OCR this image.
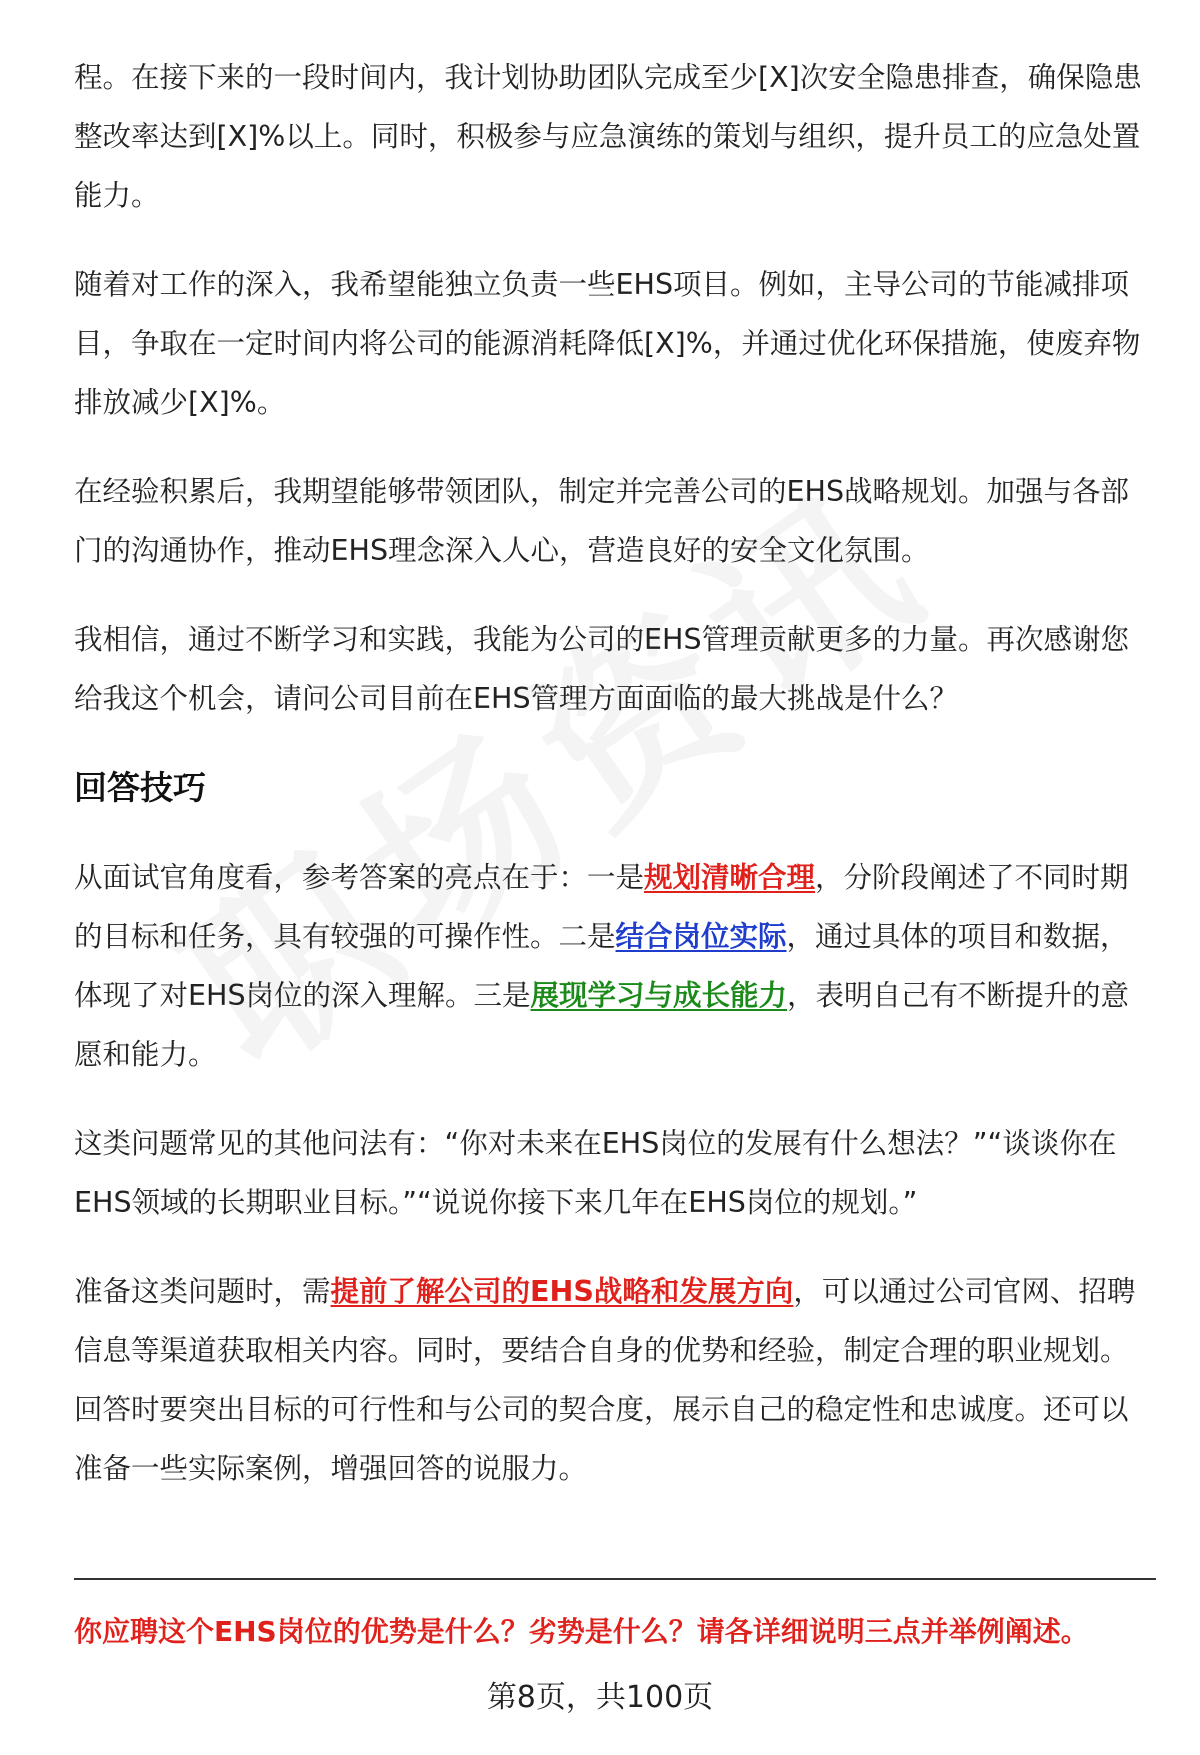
程。在接下来的一段时间内，我计划协助团队完成至少[X]次安全隐患排查，确保隐患整改率达到[X]%以上。同时，积极参与应急演练的策划与组织，提升员工的应急处置能力。

随着对工作的深入，我希望能独立负责一些EHS项目。例如，主导公司的节能减排项目，争取在一定时间内将公司的能源消耗降低[X]%，并通过优化环保措施，使废弃物排放减少[X]%。

在经验积累后，我期望能够带领团队，制定并完善公司的EHS战略规划。加强与各部门的沟通协作，推动EHS理念深入人心，营造良好的安全文化氛围。

我相信，通过不断学习和实践，我能为公司的EHS管理贡献更多的力量。再次感谢您给我这个机会，请问公司目前在EHS管理方面面临的最大挑战是什么？

回答技巧

从面试官角度看，参考答案的亮点在于：一是规划清晰合理，分阶段阐述了不同时期的目标和任务，具有较强的可操作性。二是结合岗位实际，通过具体的项目和数据，体现了对EHS岗位的深入理解。三是展现学习与成长能力，表明自己有不断提升的意愿和能力。

这类问题常见的其他问法有：“你对未来在EHS岗位的发展有什么想法？”“谈谈你在EHS领域的长期职业目标。”“说说你接下来几年在EHS岗位的规划。”

准备这类问题时，需提前了解公司的EHS战略和发展方向，可以通过公司官网、招聘信息等渠道获取相关内容。同时，要结合自身的优势和经验，制定合理的职业规划。回答时要突出目标的可行性和与公司的契合度，展示自己的稳定性和忠诚度。还可以准备一些实际案例，增强回答的说服力。

你应聘这个EHS岗位的优势是什么？劣势是什么？请各详细说明三点并举例阐述。
第8页，共100页
